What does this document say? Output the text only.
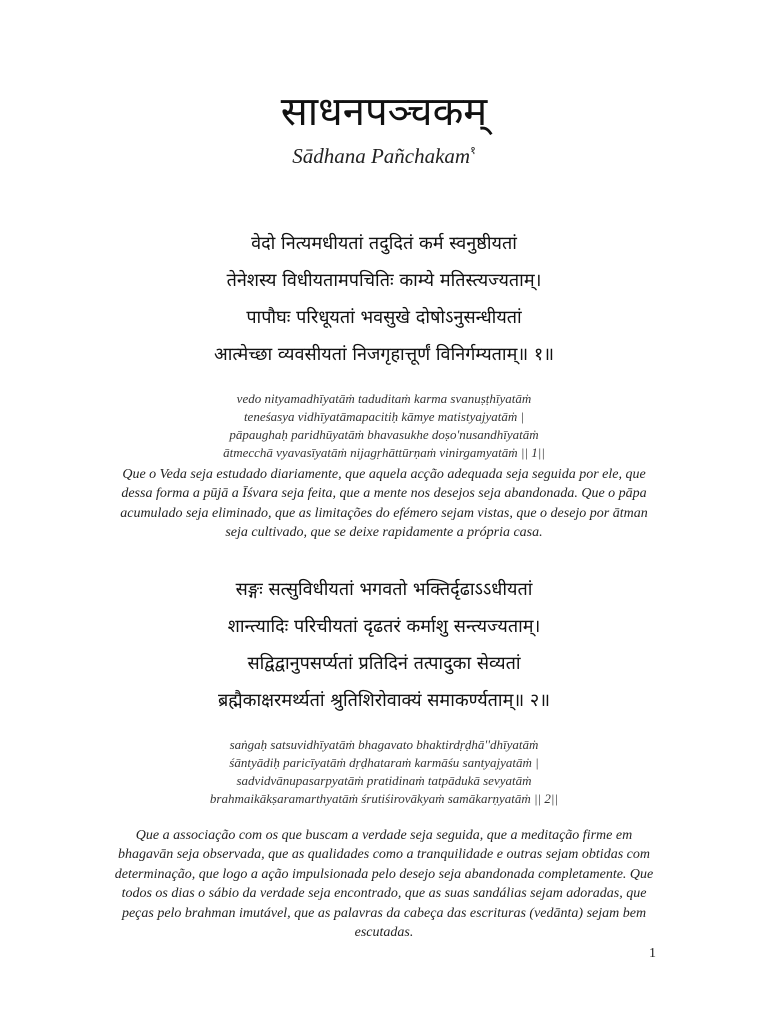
साधनपञ्चकम्
Sādhana Pañchakam$^१$
वेदो नित्यमधीयतां तदुदितं कर्म स्वनुष्ठीयतां
तेनेशस्य विधीयतामपचितिः काम्ये मतिस्त्यज्यताम्।
पापौघः परिधूयतां भवसुखे दोषोऽनुसन्धीयतां
आत्मेच्छा व्यवसीयतां निजगृहात्तूर्णं विनिर्गम्यताम्॥ १॥
vedo nityamadhīyatāṁ taduditaṁ karma svanuṣṭhīyatāṁ
teneśasya vidhīyatāmapacitiḥ kāmye matistyajyatāṁ |
pāpaughaḥ paridhūyatāṁ bhavasukhe doṣo'nusandhīyatāṁ
ātmecchā vyavasīyatāṁ nijagṛhāttūrṇaṁ vinirgamyatāṁ || 1||
Que o Veda seja estudado diariamente, que aquela acção adequada seja seguida por ele, que dessa forma a pūjā a Īśvara seja feita, que a mente nos desejos seja abandonada. Que o pāpa acumulado seja eliminado, que as limitações do efémero sejam vistas, que o desejo por ātman seja cultivado, que se deixe rapidamente a própria casa.
सङ्गः सत्सुविधीयतां भगवतो भक्तिर्दृढाऽऽधीयतां
शान्त्यादिः परिचीयतां दृढतरं कर्माशु सन्त्यज्यताम्।
सद्विद्वानुपसर्प्यतां प्रतिदिनं तत्पादुका सेव्यतां
ब्रह्मैकाक्षरमर्थ्यतां श्रुतिशिरोवाक्यं समाकर्ण्यताम्॥ २॥
saṅgaḥ satsuvidhīyatāṁ bhagavato bhaktirdṛḍhā''dhīyatāṁ
śāntyādiḥ paricīyatāṁ dṛḍhataraṁ karmāśu santyajyatāṁ |
sadvidvānupasarpyatāṁ pratidinaṁ tatpādukā sevyatāṁ
brahmaikākṣaramarthyatāṁ śrutiśirovākyaṁ samākarṇyatāṁ || 2||
Que a associação com os que buscam a verdade seja seguida, que a meditação firme em bhagavān seja observada, que as qualidades como a tranquilidade e outras sejam obtidas com determinação, que logo a ação impulsionada pelo desejo seja abandonada completamente. Que todos os dias o sábio da verdade seja encontrado, que as suas sandálias sejam adoradas, que peças pelo brahman imutável, que as palavras da cabeça das escrituras (vedānta) sejam bem escutadas.
1
